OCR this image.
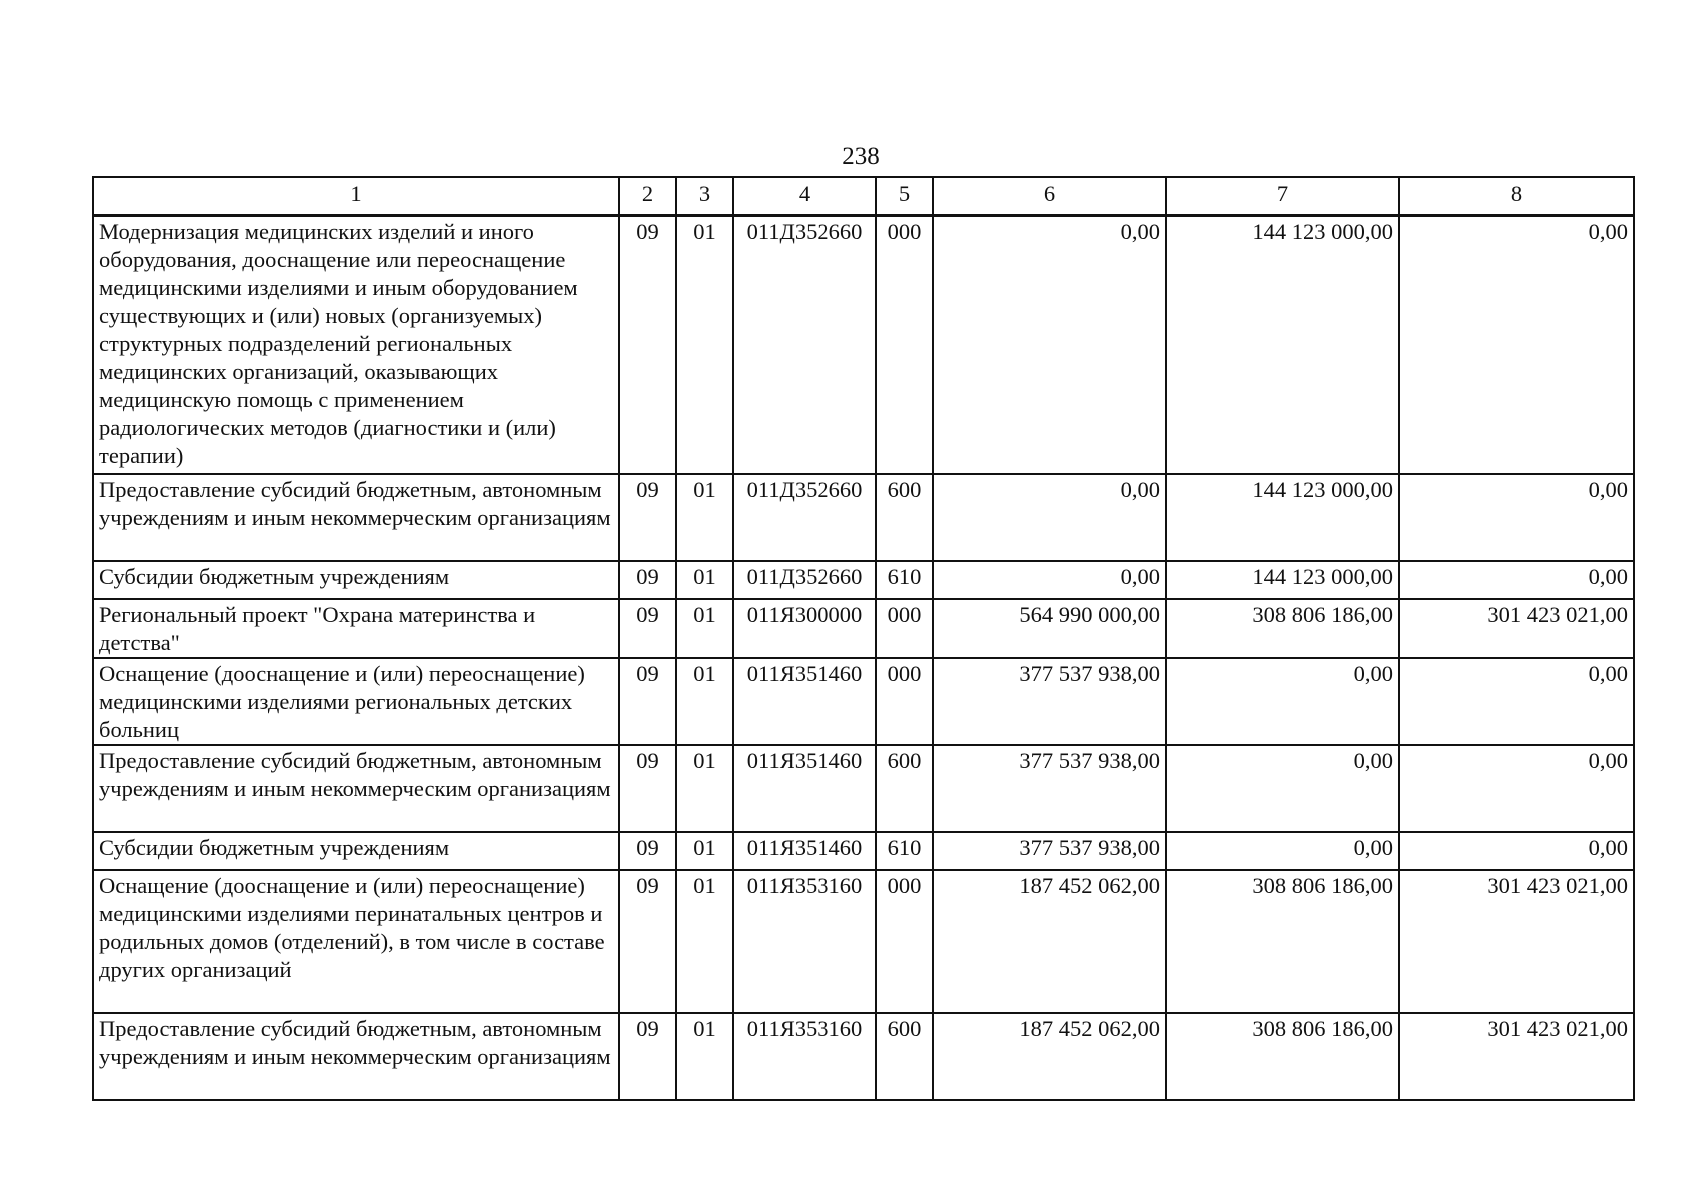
238
1	2	3	4	5	6	7	8
Модернизация медицинских изделий и иного оборудования, дооснащение или переоснащение медицинскими изделиями и иным оборудованием существующих и (или) новых (организуемых) структурных подразделений региональных медицинских организаций, оказывающих медицинскую помощь с применением радиологических методов (диагностики и (или) терапии)	09	01	011Д352660	000	0,00	144 123 000,00	0,00
Предоставление субсидий бюджетным, автономным учреждениям и иным некоммерческим организациям	09	01	011Д352660	600	0,00	144 123 000,00	0,00
Субсидии бюджетным учреждениям	09	01	011Д352660	610	0,00	144 123 000,00	0,00
Региональный проект "Охрана материнства и детства"	09	01	011Я300000	000	564 990 000,00	308 806 186,00	301 423 021,00
Оснащение (дооснащение и (или) переоснащение) медицинскими изделиями региональных детских больниц	09	01	011Я351460	000	377 537 938,00	0,00	0,00
Предоставление субсидий бюджетным, автономным учреждениям и иным некоммерческим организациям	09	01	011Я351460	600	377 537 938,00	0,00	0,00
Субсидии бюджетным учреждениям	09	01	011Я351460	610	377 537 938,00	0,00	0,00
Оснащение (дооснащение и (или) переоснащение) медицинскими изделиями перинатальных центров и родильных домов (отделений), в том числе в составе других организаций	09	01	011Я353160	000	187 452 062,00	308 806 186,00	301 423 021,00
Предоставление субсидий бюджетным, автономным учреждениям и иным некоммерческим организациям	09	01	011Я353160	600	187 452 062,00	308 806 186,00	301 423 021,00
